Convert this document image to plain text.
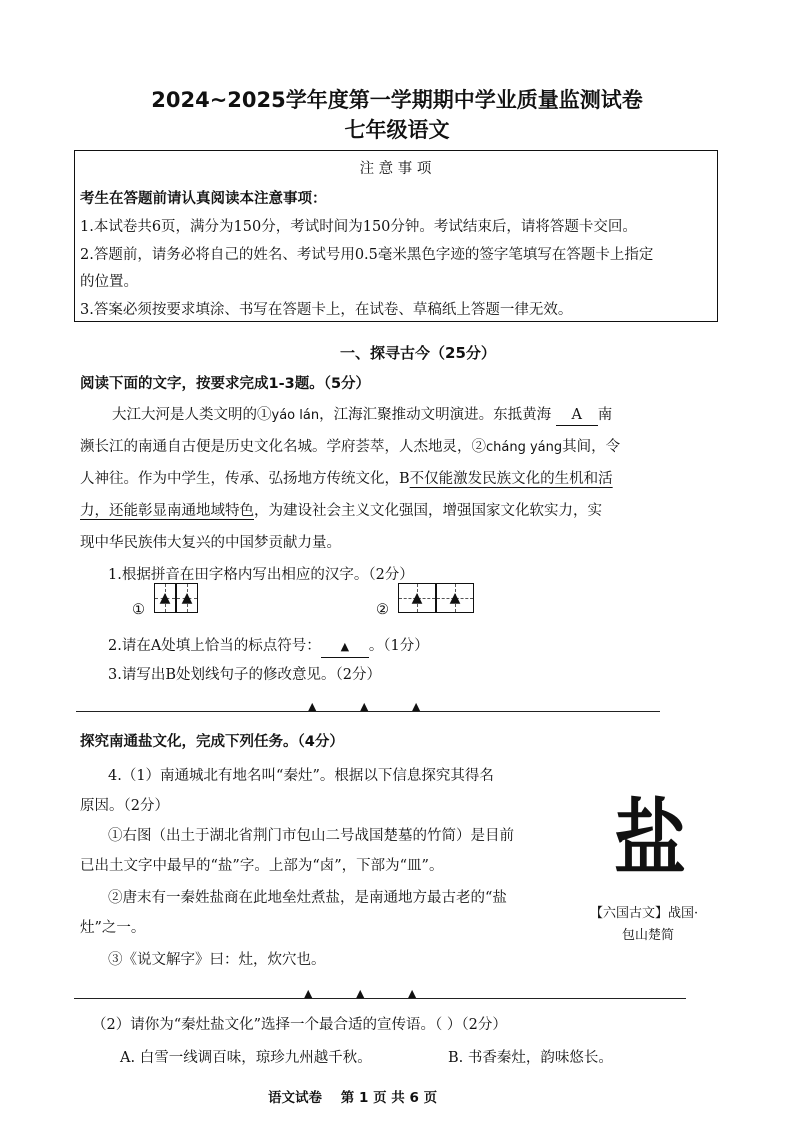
2024~2025学年度第一学期期中学业质量监测试卷
七年级语文
注 意 事 项
考生在答题前请认真阅读本注意事项：
1.本试卷共6页，满分为150分，考试时间为150分钟。考试结束后，请将答题卡交回。
2.答题前，请务必将自己的姓名、考试号用0.5毫米黑色字迹的签字笔填写在答题卡上指定
的位置。
3.答案必须按要求填涂、书写在答题卡上，在试卷、草稿纸上答题一律无效。
一、探寻古今（25分）
阅读下面的文字，按要求完成1-3题。（5分）
大江大河是人类文明的①yáo lán，江海汇聚推动文明演进。东抵黄海 A 南
濒长江的南通自古便是历史文化名城。学府荟萃，人杰地灵，②cháng yáng其间，令
人神往。作为中学生，传承、弘扬地方传统文化，B不仅能激发民族文化的生机和活
力，还能彰显南通地域特色，为建设社会主义文化强国，增强国家文化软实力，实
现中华民族伟大复兴的中国梦贡献力量。
1.根据拼音在田字格内写出相应的汉字。（2分）
①
▲ ▲
②
▲	▲
2.请在A处填上恰当的标点符号： ▲ 。（1分）
3.请写出B处划线句子的修改意见。（2分）
▲ ▲ ▲
探究南通盐文化，完成下列任务。（4分）
4.（1）南通城北有地名叫“秦灶”。根据以下信息探究其得名
原因。（2分）
①右图（出土于湖北省荆门市包山二号战国楚墓的竹简）是目前
已出土文字中最早的“盐”字。上部为“卤”，下部为“皿”。
②唐末有一秦姓盐商在此地垒灶煮盐，是南通地方最古老的“盐
灶”之一。
③《说文解字》曰：灶，炊穴也。
盐
【六国古文】战国·
包山楚简
▲ ▲ ▲
（2）请你为“秦灶盐文化”选择一个最合适的宣传语。（ ）（2分）
A. 白雪一线调百味，琼珍九州越千秋。	B. 书香秦灶，韵味悠长。
语文试卷    第 1 页 共 6 页
